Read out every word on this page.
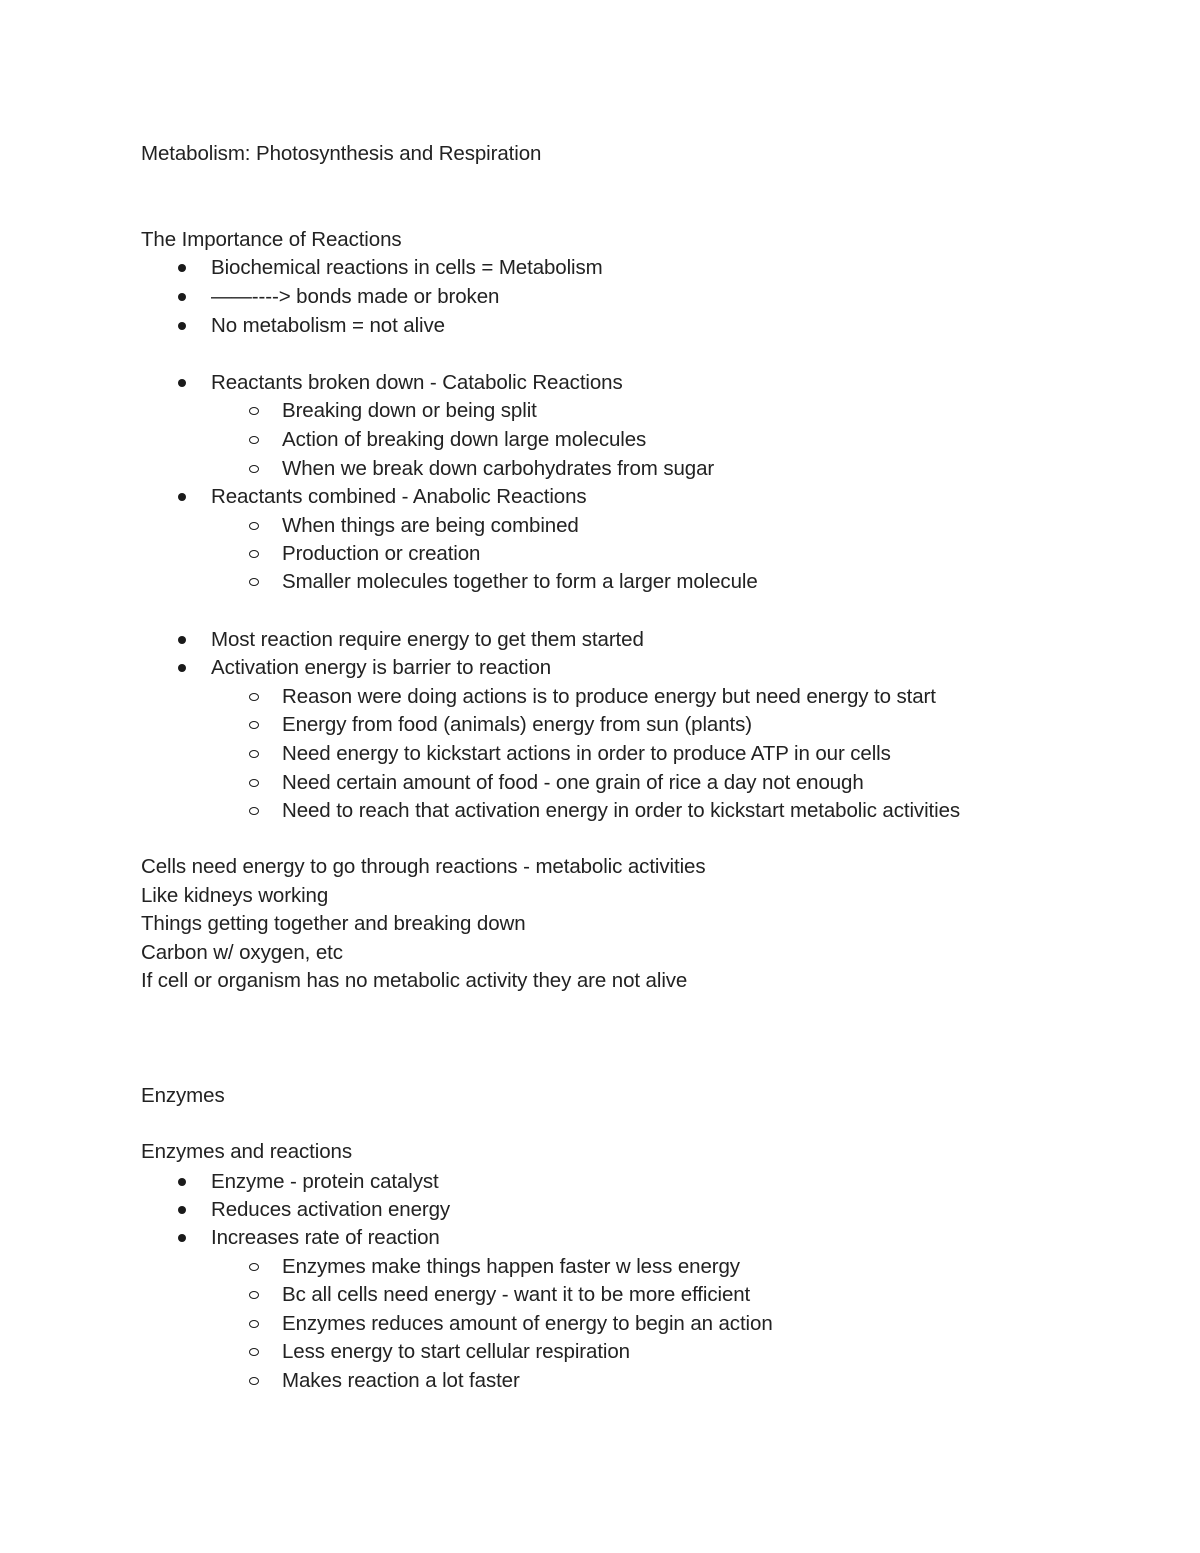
Metabolism: Photosynthesis and Respiration
The Importance of Reactions
Biochemical reactions in cells = Metabolism
——----> bonds made or broken
No metabolism = not alive
Reactants broken down - Catabolic Reactions
Breaking down or being split
Action of breaking down large molecules
When we break down carbohydrates from sugar
Reactants combined - Anabolic Reactions
When things are being combined
Production or creation
Smaller molecules together to form a larger molecule
Most reaction require energy to get them started
Activation energy is barrier to reaction
Reason were doing actions is to produce energy but need energy to start
Energy from food (animals) energy from sun (plants)
Need energy to kickstart actions in order to produce ATP in our cells
Need certain amount of food - one grain of rice a day not enough
Need to reach that activation energy in order to kickstart metabolic activities
Cells need energy to go through reactions - metabolic activities
Like kidneys working
Things getting together and breaking down
Carbon w/ oxygen, etc
If cell or organism has no metabolic activity they are not alive
Enzymes
Enzymes and reactions
Enzyme - protein catalyst
Reduces activation energy
Increases rate of reaction
Enzymes make things happen faster w less energy
Bc all cells need energy - want it to be more efficient
Enzymes reduces amount of energy to begin an action
Less energy to start cellular respiration
Makes reaction a lot faster
